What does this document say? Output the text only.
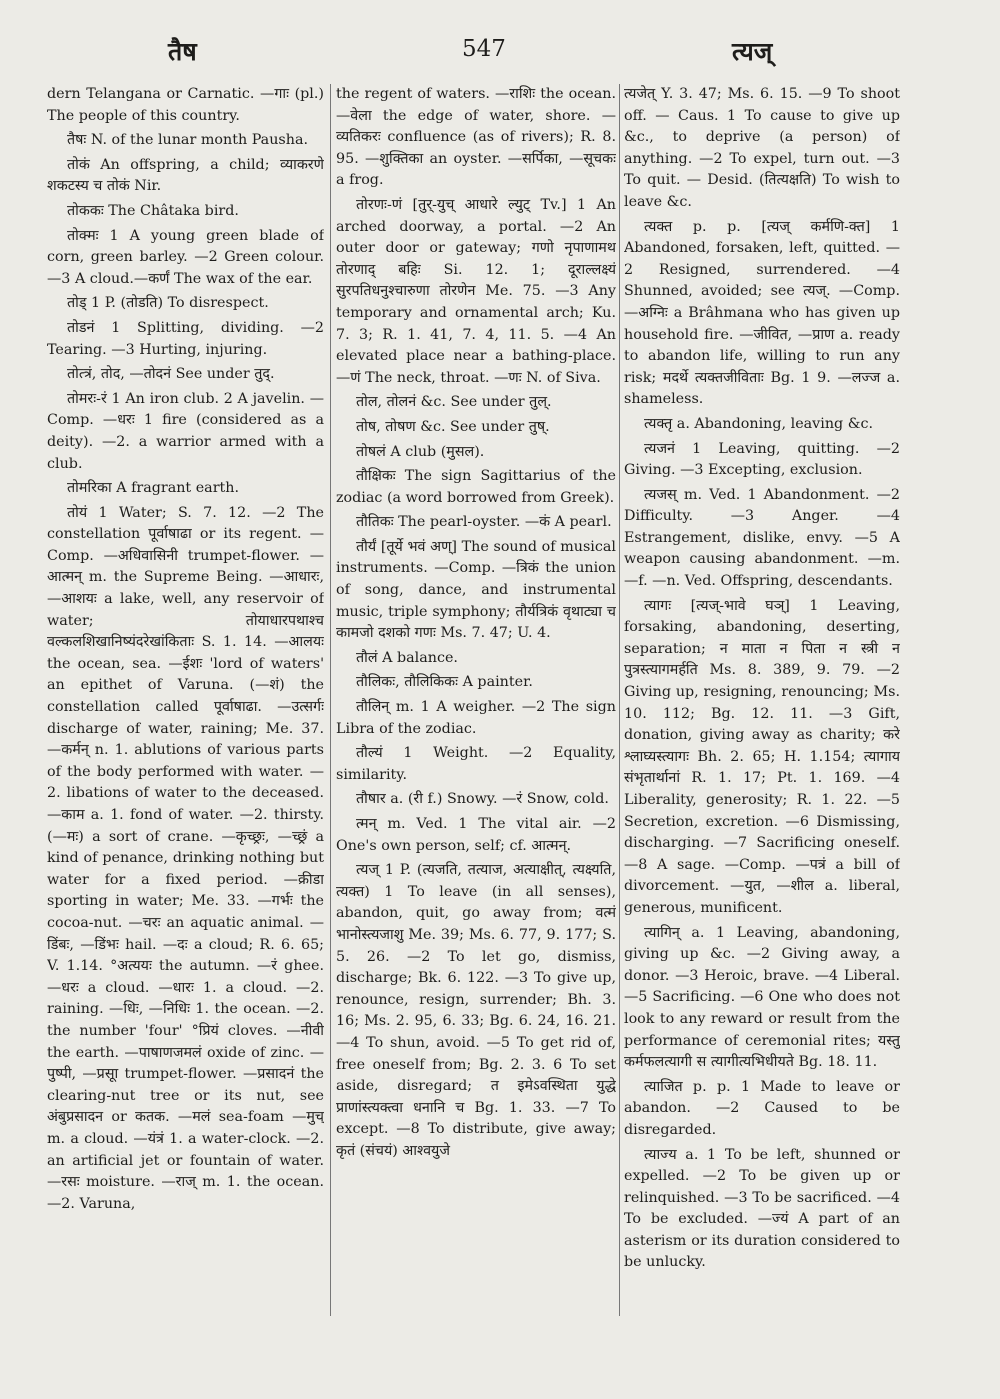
तैष	547	त्यज्

dern Telangana or Carnatic. —गाः (pl.) The people of this country.

तैषः N. of the lunar month Pausha.

तोकं An offspring, a child; व्याकरणे शकटस्य च तोकं Nir.

तोककः The Châtaka bird.

तोक्मः 1 A young green blade of corn, green barley. —2 Green colour. —3 A cloud.—कर्णं The wax of the ear.

तोड् 1 P. (तोडति) To disrespect.

तोडनं 1 Splitting, dividing. —2 Tearing. —3 Hurting, injuring.

तोत्त्रं, तोद, —तोदनं See under तुद्.

तोमरः-रं 1 An iron club. 2 A javelin. —Comp. —धरः 1 fire (considered as a deity). —2. a warrior armed with a club.

तोमरिका A fragrant earth.

तोयं 1 Water; S. 7. 12. —2 The constellation पूर्वाषाढा or its regent. —Comp. —अधिवासिनी trumpet-flower. —आत्मन् m. the Supreme Being. —आधारः, —आशयः a lake, well, any reservoir of water; तोयाधारपथाश्च वल्कलशिखानिष्यंदरेखांकिताः S. 1. 14. —आलयः the ocean, sea. —ईशः 'lord of waters' an epithet of Varuna. (—शं) the constellation called पूर्वाषाढा. —उत्सर्गः discharge of water, raining; Me. 37. —कर्मन् n. 1. ablutions of various parts of the body performed with water. —2. libations of water to the deceased. —काम a. 1. fond of water. —2. thirsty. (—मः) a sort of crane. —कृच्छ्रः, —च्छ्रं a kind of penance, drinking nothing but water for a fixed period. —क्रीडा sporting in water; Me. 33. —गर्भः the cocoa-nut. —चरः an aquatic animal. —डिंबः, —डिंभः hail. —दः a cloud; R. 6. 65; V. 1.14. °अत्ययः the autumn. —रं ghee. —धरः a cloud. —धारः 1. a cloud. —2. raining. —धिः, —निधिः 1. the ocean. —2. the number 'four' °प्रियं cloves. —नीवी the earth. —पाषाणजमलं oxide of zinc. —पुष्पी, —प्रसूा trumpet-flower. —प्रसादनं the clearing-nut tree or its nut, see अंबुप्रसादन or कतक. —मलं sea-foam —मुच् m. a cloud. —यंत्रं 1. a water-clock. —2. an artificial jet or fountain of water. —रसः moisture. —राज् m. 1. the ocean. —2. Varuna,

the regent of waters. —राशिः the ocean. —वेला the edge of water, shore. —व्यतिकरः confluence (as of rivers); R. 8. 95. —शुक्तिका an oyster. —सर्पिका, —सूचकः a frog.

तोरणः-णं [तुर्-युच् आधारे ल्युट् Tv.] 1 An arched doorway, a portal. —2 An outer door or gateway; गणो नृपाणामथ तोरणाद् बहिः Si. 12. 1; दूराल्लक्ष्यं सुरपतिधनुश्चारुणा तोरणेन Me. 75. —3 Any temporary and ornamental arch; Ku. 7. 3; R. 1. 41, 7. 4, 11. 5. —4 An elevated place near a bathing-place. —णं The neck, throat. —णः N. of Siva.

तोल, तोलनं &c. See under तुल्.

तोष, तोषण &c. See under तुष्.

तोषलं A club (मुसल).

तौक्षिकः The sign Sagittarius of the zodiac (a word borrowed from Greek).

तौतिकः The pearl-oyster. —कं A pearl.

तौर्यं [तूर्ये भवं अण्] The sound of musical instruments. —Comp. —त्रिकं the union of song, dance, and instrumental music, triple symphony; तौर्यत्रिकं वृथाट्या च कामजो दशको गणः Ms. 7. 47; U. 4.

तौलं A balance.

तौलिकः, तौलिकिकः A painter.

तौलिन् m. 1 A weigher. —2 The sign Libra of the zodiac.

तौल्यं 1 Weight. —2 Equality, similarity.

तौषार a. (री f.) Snowy. —रं Snow, cold.

त्मन् m. Ved. 1 The vital air. —2 One's own person, self; cf. आत्मन्.

त्यज् 1 P. (त्यजति, तत्याज, अत्याक्षीत्, त्यक्ष्यति, त्यक्त) 1 To leave (in all senses), abandon, quit, go away from; वत्मं भानोस्त्यजाशु Me. 39; Ms. 6. 77, 9. 177; S. 5. 26. —2 To let go, dismiss, discharge; Bk. 6. 122. —3 To give up, renounce, resign, surrender; Bh. 3. 16; Ms. 2. 95, 6. 33; Bg. 6. 24, 16. 21. —4 To shun, avoid. —5 To get rid of, free oneself from; Bg. 2. 3. 6 To set aside, disregard; त इमेऽवस्थिता युद्धे प्राणांस्त्यक्त्वा धनानि च Bg. 1. 33. —7 To except. —8 To distribute, give away; कृतं (संचयं) आश्वयुजे

त्यजेत् Y. 3. 47; Ms. 6. 15. —9 To shoot off. — Caus. 1 To cause to give up &c., to deprive (a person) of anything. —2 To expel, turn out. —3 To quit. — Desid. (तित्यक्षति) To wish to leave &c.

त्यक्त p. p. [त्यज् कर्मणि-क्त] 1 Abandoned, forsaken, left, quitted. —2 Resigned, surrendered. —4 Shunned, avoided; see त्यज्. —Comp. —अग्निः a Brâhmana who has given up household fire. —जीवित, —प्राण a. ready to abandon life, willing to run any risk; मदर्थे त्यक्तजीविताः Bg. 1 9. —लज्ज a. shameless.

त्यक्तृ a. Abandoning, leaving &c.

त्यजनं 1 Leaving, quitting. —2 Giving. —3 Excepting, exclusion.

त्यजस् m. Ved. 1 Abandonment. —2 Difficulty. —3 Anger. —4 Estrangement, dislike, envy. —5 A weapon causing abandonment. —m. —f. —n. Ved. Offspring, descendants.

त्यागः [त्यज्-भावे घञ्] 1 Leaving, forsaking, abandoning, deserting, separation; न माता न पिता न स्त्री न पुत्रस्त्यागमर्हति Ms. 8. 389, 9. 79. —2 Giving up, resigning, renouncing; Ms. 10. 112; Bg. 12. 11. —3 Gift, donation, giving away as charity; करे श्लाघ्यस्त्यागः Bh. 2. 65; H. 1.154; त्यागाय संभृतार्थानां R. 1. 17; Pt. 1. 169. —4 Liberality, generosity; R. 1. 22. —5 Secretion, excretion. —6 Dismissing, discharging. —7 Sacrificing oneself. —8 A sage. —Comp. —पत्रं a bill of divorcement. —युत, —शील a. liberal, generous, munificent.

त्यागिन् a. 1 Leaving, abandoning, giving up &c. —2 Giving away, a donor. —3 Heroic, brave. —4 Liberal. —5 Sacrificing. —6 One who does not look to any reward or result from the performance of ceremonial rites; यस्तु कर्मफलत्यागी स त्यागीत्यभिधीयते Bg. 18. 11.

त्याजित p. p. 1 Made to leave or abandon. —2 Caused to be disregarded.

त्याज्य a. 1 To be left, shunned or expelled. —2 To be given up or relinquished. —3 To be sacrificed. —4 To be excluded. —ज्यं A part of an asterism or its duration considered to be unlucky.
